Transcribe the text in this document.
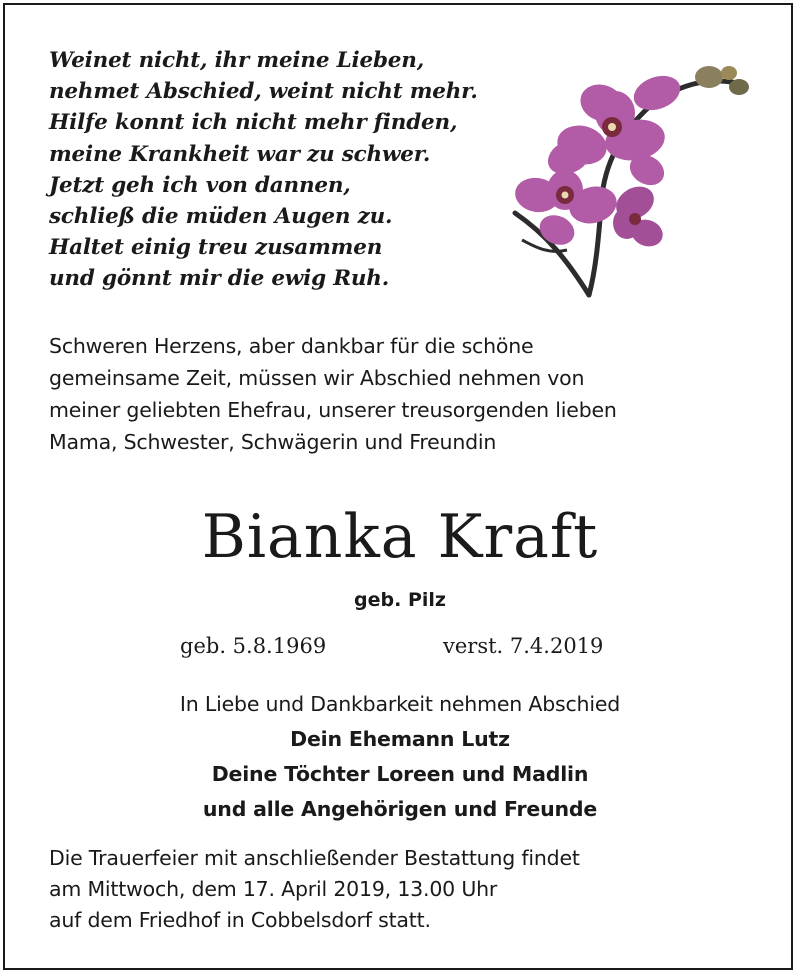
Weinet nicht, ihr meine Lieben,
nehmet Abschied, weint nicht mehr.
Hilfe konnt ich nicht mehr finden,
meine Krankheit war zu schwer.
Jetzt geh ich von dannen,
schließ die müden Augen zu.
Haltet einig treu zusammen
und gönnt mir die ewig Ruh.
Schweren Herzens, aber dankbar für die schöne
gemeinsame Zeit, müssen wir Abschied nehmen von
meiner geliebten Ehefrau, unserer treusorgenden lieben
Mama, Schwester, Schwägerin und Freundin
Bianka Kraft
geb. Pilz
geb. 5.8.1969	verst. 7.4.2019
In Liebe und Dankbarkeit nehmen Abschied
Dein Ehemann Lutz
Deine Töchter Loreen und Madlin
und alle Angehörigen und Freunde
Die Trauerfeier mit anschließender Bestattung findet
am Mittwoch, dem 17. April 2019, 13.00 Uhr
auf dem Friedhof in Cobbelsdorf statt.
